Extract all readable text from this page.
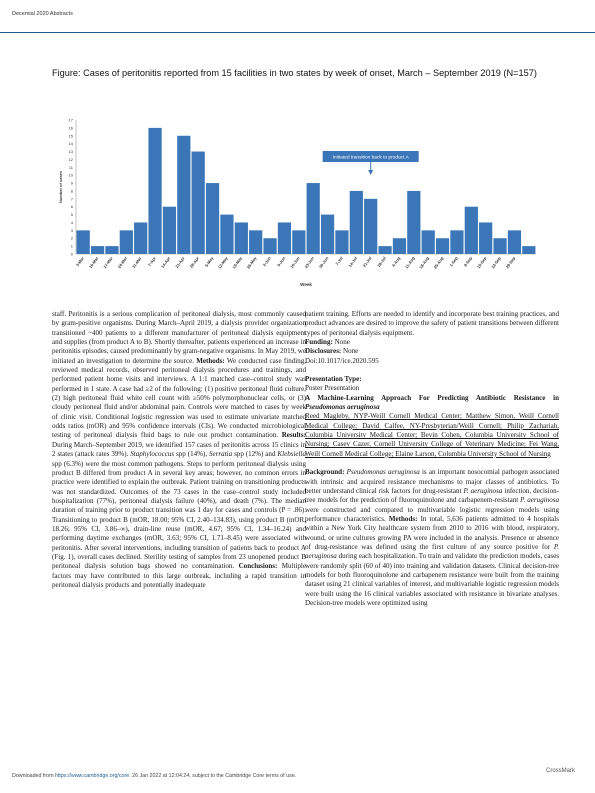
Decemial 2020 Abstracts
Figure: Cases of peritonitis reported from 15 facilities in two states by week of onset, March – September 2019 (N=157)
0
1
2
3
4
5
6
7
8
9
10
11
12
13
14
15
16
17
3-Mar 10-Mar 17-Mar 24-Mar 31-Mar 7-Apr 14-Apr 21-Apr 28-Apr 5-May 12-May 19-May 26-May 2-Jun 9-Jun 16-Jun 23-Jun 30-Jun 7-Jul 14-Jul 21-Jul 28-Jul 4-Aug 11-Aug 18-Aug 25-Aug 1-Sep 8-Sep 15-Sep 22-Sep 29-Sep
Number of cases
Week
Initiated transition back to product A

staff. Peritonitis is a serious complication of peritoneal dialysis, most commonly caused by gram-positive organisms. During March–April 2019, a dialysis provider organization transitioned ~400 patients to a different manufacturer of peritoneal dialysis equipment and supplies (from product A to B). Shortly thereafter, patients experienced an increase in peritonitis episodes, caused predominantly by gram-negative organisms. In May 2019, we initiated an investigation to determine the source. Methods: We conducted case finding, reviewed medical records, observed peritoneal dialysis procedures and trainings, and performed patient home visits and interviews. A 1:1 matched case–control study was performed in 1 state. A case had ≥2 of the following: (1) positive peritoneal fluid culture, (2) high peritoneal fluid white cell count with ≥50% polymorphonuclear cells, or (3) cloudy peritoneal fluid and/or abdominal pain. Controls were matched to cases by week of clinic visit. Conditional logistic regression was used to estimate univariate matched odds ratios (mOR) and 95% confidence intervals (CIs). We conducted microbiological testing of peritoneal dialysis fluid bags to rule out product contamination. Results: During March–September 2019, we identified 157 cases of peritonitis across 15 clinics in 2 states (attack rates 39%). Staphylococcus spp (14%), Serratia spp (12%) and Klebsiella spp (6.3%) were the most common pathogens. Steps to perform peritoneal dialysis using product B differed from product A in several key areas; however, no common errors in practice were identified to explain the outbreak. Patient training on transitioning products was not standardized. Outcomes of the 73 cases in the case–control study included hospitalization (77%), peritoneal dialysis failure (40%), and death (7%). The median duration of training prior to product transition was 1 day for cases and controls (P = .86). Transitioning to product B (mOR, 18.00; 95% CI, 2.40–134.83), using product B (mOR, 18.26; 95% CI, 3.86–∞), drain-line reuse (mOR, 4.67; 95% CI, 1.34–16.24) and performing daytime exchanges (mOR, 3.63; 95% CI, 1.71–8.45) were associated with peritonitis. After several interventions, including transition of patients back to product A (Fig. 1), overall cases declined. Sterility testing of samples from 23 unopened product B peritoneal dialysis solution bags showed no contamination. Conclusions: Multiple factors may have contributed to this large outbreak, including a rapid transition in peritoneal dialysis products and potentially inadequate

patient training. Efforts are needed to identify and incorporate best training practices, and product advances are desired to improve the safety of patient transitions between different types of peritoneal dialysis equipment.

Funding: None

Disclosures: None

Doi:10.1017/ice.2020.595

Presentation Type:

Poster Presentation

A Machine-Learning Approach For Predicting Antibiotic Resistance in Pseudomonas aeruginosa

Reed Magleby, NYP-Weill Cornell Medical Center; Matthew Simon, Weill Cornell Medical College; David Calfee, NY-Presbyterian/Weill Cornell; Philip Zachariah, Columbia University Medical Center; Bevin Cohen, Columbia University School of Nursing; Casey Cazer, Cornell University College of Veterinary Medicine; Fei Wang, Weill Cornell Medical College; Elaine Larson, Columbia University School of Nursing

Background: Pseudomonas aeruginosa is an important nosocomial pathogen associated with intrinsic and acquired resistance mechanisms to major classes of antibiotics. To better understand clinical risk factors for drug-resistant P. aeruginosa infection, decision-tree models for the prediction of fluoroquinolone and carbapenem-resistant P. aeruginosa were constructed and compared to multivariable logistic regression models using performance characteristics. Methods: In total, 5,636 patients admitted to 4 hospitals within a New York City healthcare system from 2010 to 2016 with blood, respiratory, wound, or urine cultures growing PA were included in the analysis. Presence or absence of drug-resistance was defined using the first culture of any source positive for P. aeruginosa during each hospitalization. To train and validate the prediction models, cases were randomly split (60 of 40) into training and validation datasets. Clinical decision-tree models for both fluoroquinolone and carbapenem resistance were built from the training dataset using 21 clinical variables of interest, and multivariable logistic regression models were built using the 16 clinical variables associated with resistance in bivariate analyses. Decision-tree models were optimized using

Downloaded from https://www.cambridge.org/core. 26 Jan 2022 at 12:04:24, subject to the Cambridge Core terms of use.
CrossMark
